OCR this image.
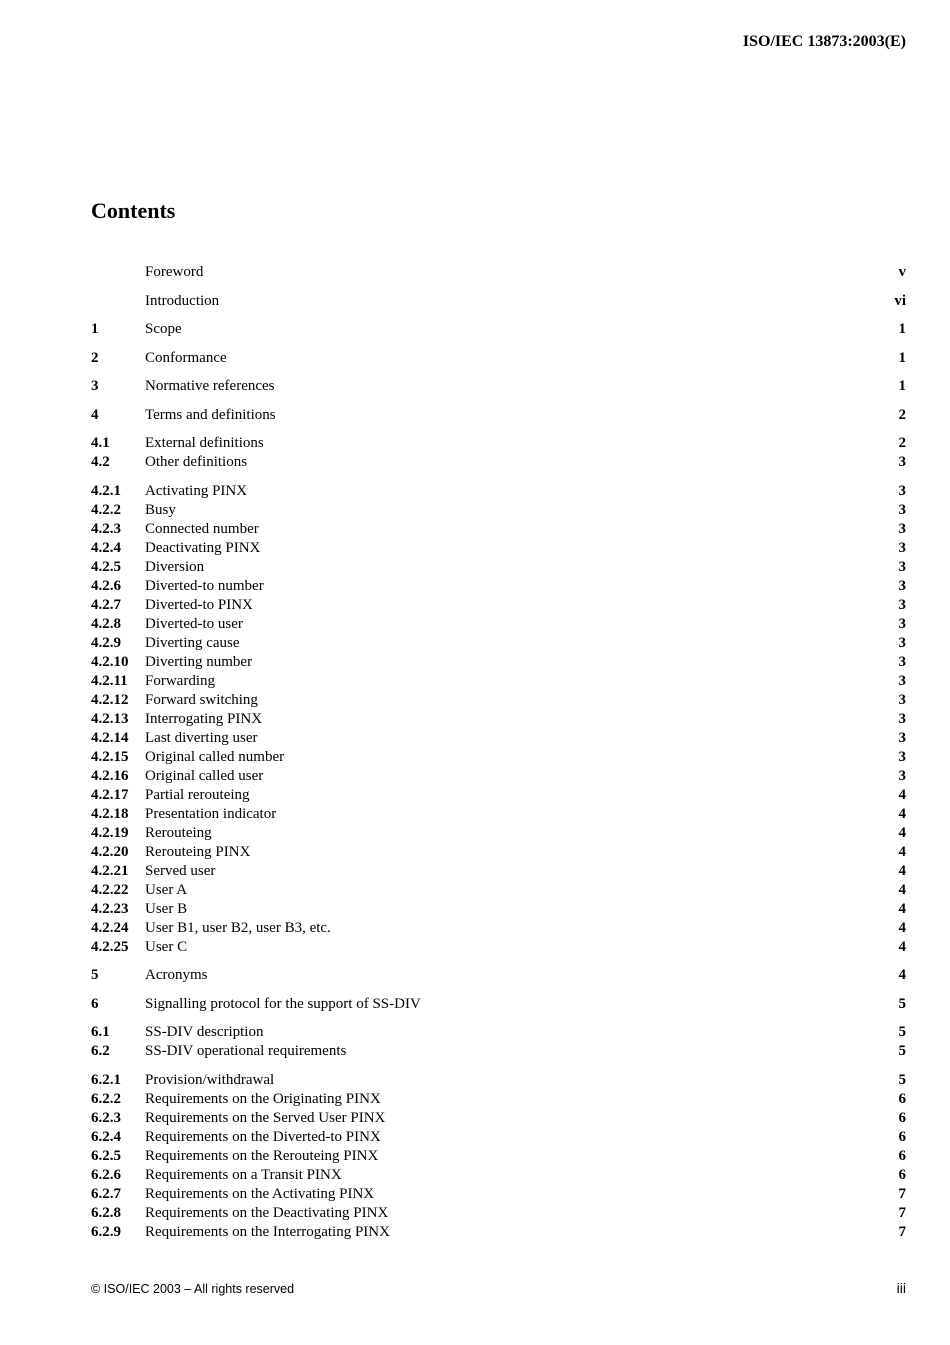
ISO/IEC 13873:2003(E)
Contents
Foreword	v
Introduction	vi
1	Scope	1
2	Conformance	1
3	Normative references	1
4	Terms and definitions	2
4.1	External definitions	2
4.2	Other definitions	3
4.2.1	Activating PINX	3
4.2.2	Busy	3
4.2.3	Connected number	3
4.2.4	Deactivating PINX	3
4.2.5	Diversion	3
4.2.6	Diverted-to number	3
4.2.7	Diverted-to PINX	3
4.2.8	Diverted-to user	3
4.2.9	Diverting cause	3
4.2.10	Diverting number	3
4.2.11	Forwarding	3
4.2.12	Forward switching	3
4.2.13	Interrogating PINX	3
4.2.14	Last diverting user	3
4.2.15	Original called number	3
4.2.16	Original called user	3
4.2.17	Partial rerouteing	4
4.2.18	Presentation indicator	4
4.2.19	Rerouteing	4
4.2.20	Rerouteing PINX	4
4.2.21	Served user	4
4.2.22	User A	4
4.2.23	User B	4
4.2.24	User B1, user B2, user B3, etc.	4
4.2.25	User C	4
5	Acronyms	4
6	Signalling protocol for the support of SS-DIV	5
6.1	SS-DIV description	5
6.2	SS-DIV operational requirements	5
6.2.1	Provision/withdrawal	5
6.2.2	Requirements on the Originating PINX	6
6.2.3	Requirements on the Served User PINX	6
6.2.4	Requirements on the Diverted-to PINX	6
6.2.5	Requirements on the Rerouteing PINX	6
6.2.6	Requirements on a Transit PINX	6
6.2.7	Requirements on the Activating PINX	7
6.2.8	Requirements on the Deactivating PINX	7
6.2.9	Requirements on the Interrogating PINX	7
© ISO/IEC 2003 – All rights reserved	iii
